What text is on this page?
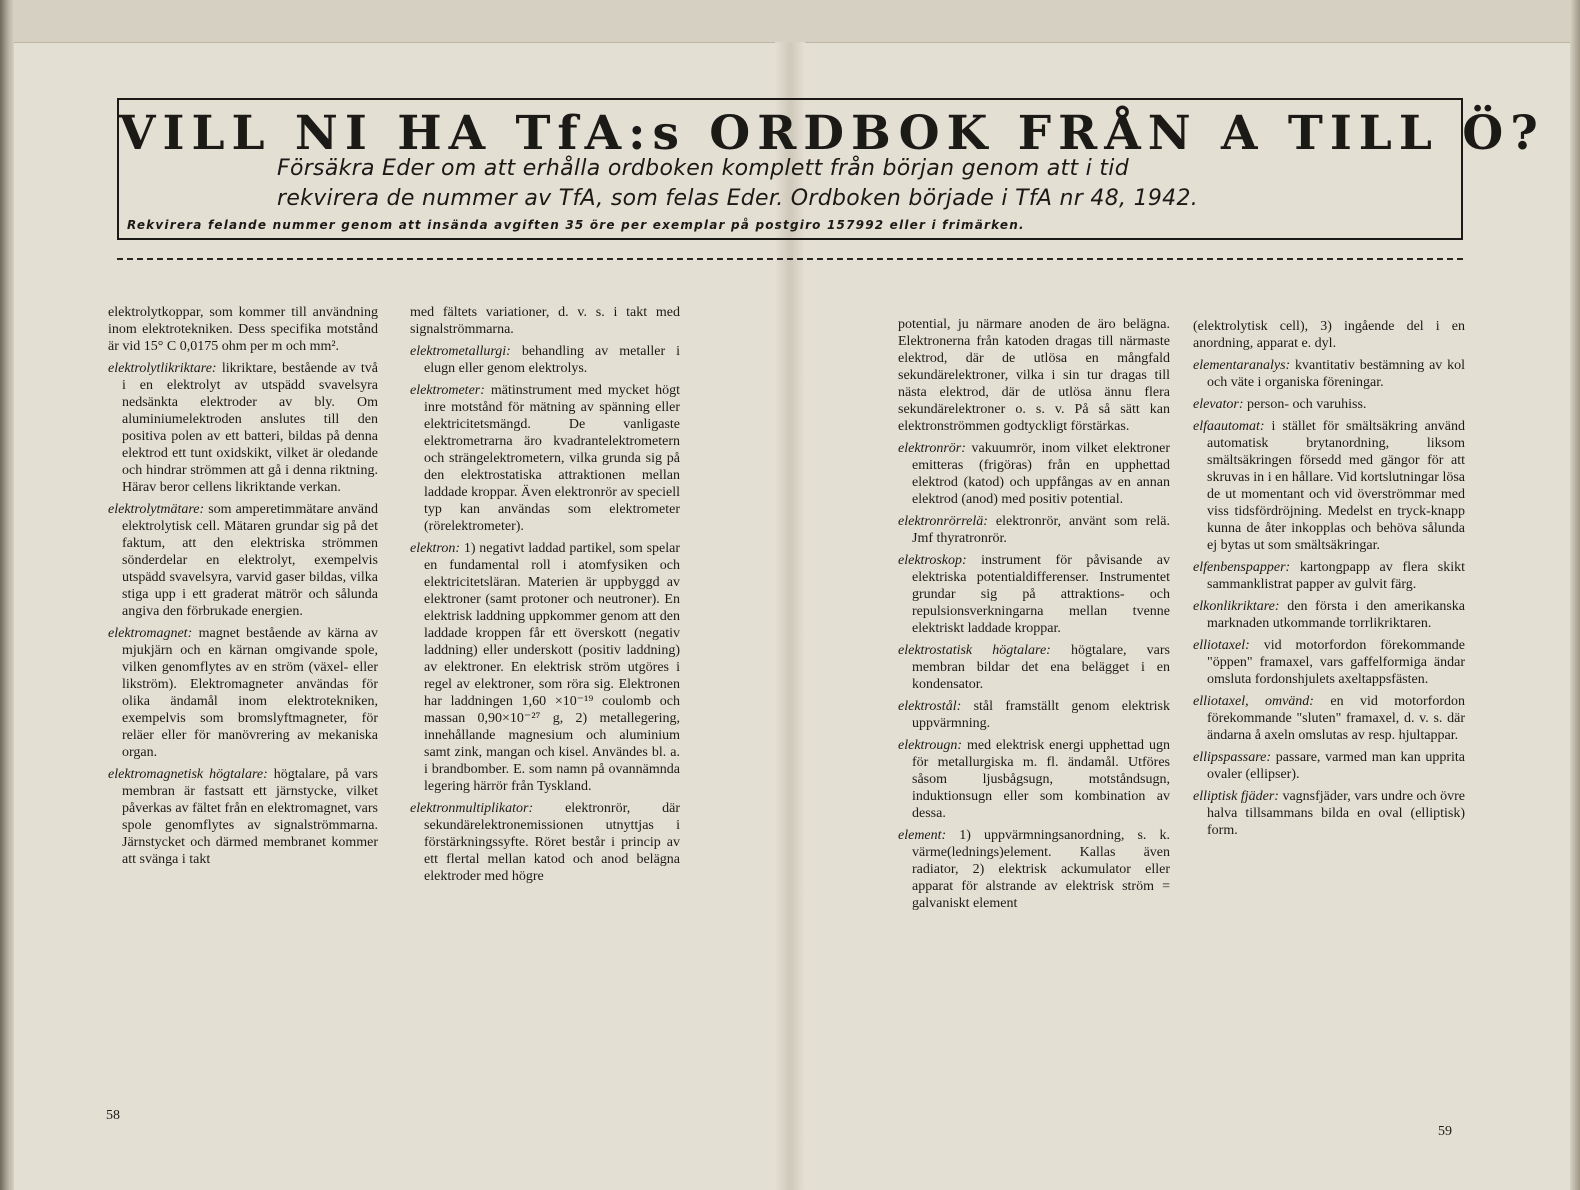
VILL NI HA TfA:s ORDBOK FRÅN A TILL Ö?
Försäkra Eder om att erhålla ordboken komplett från början genom att i tid
rekvirera de nummer av TfA, som felas Eder. Ordboken började i TfA nr 48, 1942.
Rekvirera felande nummer genom att insända avgiften 35 öre per exemplar på postgiro 157992 eller i frimärken.

elektrolytkoppar, som kommer till användning inom elektrotekniken. Dess specifika motstånd är vid 15° C 0,0175 ohm per m och mm².

elektrolytlikriktare: likriktare, bestående av två i en elektrolyt av utspädd svavelsyra nedsänkta elektroder av bly. Om aluminiumelektroden anslutes till den positiva polen av ett batteri, bildas på denna elektrod ett tunt oxidskikt, vilket är oledande och hindrar strömmen att gå i denna riktning. Härav beror cellens likriktande verkan.

elektrolytmätare: som amperetimmätare använd elektrolytisk cell. Mätaren grundar sig på det faktum, att den elektriska strömmen sönderdelar en elektrolyt, exempelvis utspädd svavelsyra, varvid gaser bildas, vilka stiga upp i ett graderat mätrör och sålunda angiva den förbrukade energien.

elektromagnet: magnet bestående av kärna av mjukjärn och en kärnan omgivande spole, vilken genomflytes av en ström (växel- eller likström). Elektromagneter användas för olika ändamål inom elektrotekniken, exempelvis som bromslyftmagneter, för reläer eller för manövrering av mekaniska organ.

elektromagnetisk högtalare: högtalare, på vars membran är fastsatt ett järnstycke, vilket påverkas av fältet från en elektromagnet, vars spole genomflytes av signalströmmarna. Järnstycket och därmed membranet kommer att svänga i takt

med fältets variationer, d. v. s. i takt med signalströmmarna.

elektrometallurgi: behandling av metaller i elugn eller genom elektrolys.

elektrometer: mätinstrument med mycket högt inre motstånd för mätning av spänning eller elektricitetsmängd. De vanligaste elektrometrarna äro kvadrantelektrometern och strängelektrometern, vilka grunda sig på den elektrostatiska attraktionen mellan laddade kroppar. Även elektronrör av speciell typ kan användas som elektrometer (rörelektrometer).

elektron: 1) negativt laddad partikel, som spelar en fundamental roll i atomfysiken och elektricitetsläran. Materien är uppbyggd av elektroner (samt protoner och neutroner). En elektrisk laddning uppkommer genom att den laddade kroppen får ett överskott (negativ laddning) eller underskott (positiv laddning) av elektroner. En elektrisk ström utgöres i regel av elektroner, som röra sig. Elektronen har laddningen 1,60 ×10⁻¹⁹ coulomb och massan 0,90×10⁻²⁷ g, 2) metallegering, innehållande magnesium och aluminium samt zink, mangan och kisel. Användes bl. a. i brandbomber. E. som namn på ovannämnda legering härrör från Tyskland.

elektronmultiplikator: elektronrör, där sekundärelektronemissionen utnyttjas i förstärkningssyfte. Röret består i princip av ett flertal mellan katod och anod belägna elektroder med högre

potential, ju närmare anoden de äro belägna. Elektronerna från katoden dragas till närmaste elektrod, där de utlösa en mångfald sekundärelektroner, vilka i sin tur dragas till nästa elektrod, där de utlösa ännu flera sekundärelektroner o. s. v. På så sätt kan elektronströmmen godtyckligt förstärkas.

elektronrör: vakuumrör, inom vilket elektroner emitteras (frigöras) från en upphettad elektrod (katod) och uppfångas av en annan elektrod (anod) med positiv potential.

elektronrörrelä: elektronrör, använt som relä. Jmf thyratronrör.

elektroskop: instrument för påvisande av elektriska potentialdifferenser. Instrumentet grundar sig på attraktions- och repulsionsverkningarna mellan tvenne elektriskt laddade kroppar.

elektrostatisk högtalare: högtalare, vars membran bildar det ena belägget i en kondensator.

elektrostål: stål framställt genom elektrisk uppvärmning.

elektrougn: med elektrisk energi upphettad ugn för metallurgiska m. fl. ändamål. Utföres såsom ljusbågsugn, motståndsugn, induktionsugn eller som kombination av dessa.

element: 1) uppvärmningsanordning, s. k. värme(lednings)element. Kallas även radiator, 2) elektrisk ackumulator eller apparat för alstrande av elektrisk ström = galvaniskt element

(elektrolytisk cell), 3) ingående del i en anordning, apparat e. dyl.

elementaranalys: kvantitativ bestämning av kol och väte i organiska föreningar.

elevator: person- och varuhiss.

elfaautomat: i stället för smältsäkring använd automatisk brytanordning, liksom smältsäkringen försedd med gängor för att skruvas in i en hållare. Vid kortslutningar lösa de ut momentant och vid överströmmar med viss tidsfördröjning. Medelst en tryck-knapp kunna de åter inkopplas och behöva sålunda ej bytas ut som smältsäkringar.

elfenbenspapper: kartongpapp av flera skikt sammanklistrat papper av gulvit färg.

elkonlikriktare: den första i den amerikanska marknaden utkommande torrlikriktaren.

elliotaxel: vid motorfordon förekommande "öppen" framaxel, vars gaffelformiga ändar omsluta fordonshjulets axeltappsfästen.

elliotaxel, omvänd: en vid motorfordon förekommande "sluten" framaxel, d. v. s. där ändarna å axeln omslutas av resp. hjultappar.

ellipspassare: passare, varmed man kan upprita ovaler (ellipser).

elliptisk fjäder: vagnsfjäder, vars undre och övre halva tillsammans bilda en oval (elliptisk) form.

58
59
